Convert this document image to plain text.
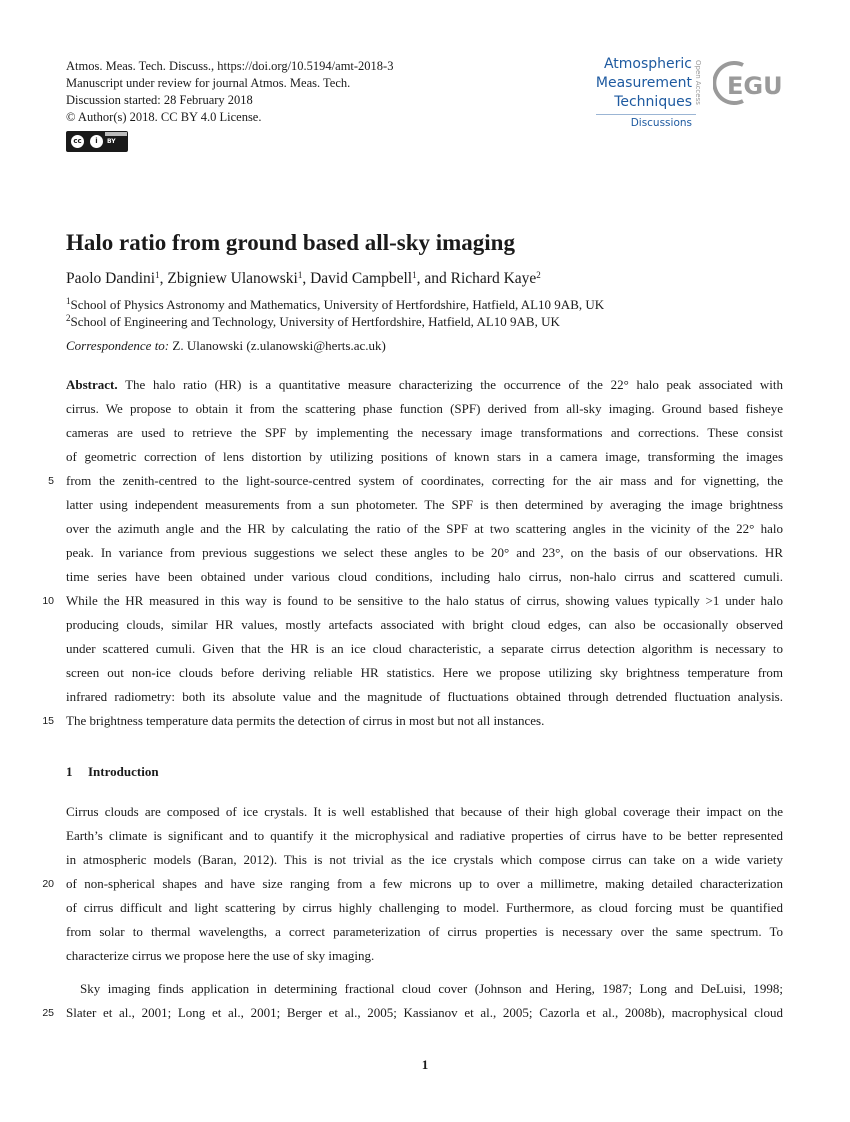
Atmos. Meas. Tech. Discuss., https://doi.org/10.5194/amt-2018-3
Manuscript under review for journal Atmos. Meas. Tech.
Discussion started: 28 February 2018
© Author(s) 2018. CC BY 4.0 License.
cc	i	BY
Atmospheric
Measurement
Techniques
Discussions
Open Access EGU
Halo ratio from ground based all-sky imaging
Paolo Dandini$^1$, Zbigniew Ulanowski$^1$, David Campbell$^1$, and Richard Kaye$^2$
$^1$School of Physics Astronomy and Mathematics, University of Hertfordshire, Hatfield, AL10 9AB, UK
$^2$School of Engineering and Technology, University of Hertfordshire, Hatfield, AL10 9AB, UK
Correspondence to: Z. Ulanowski (z.ulanowski@herts.ac.uk)
Abstract. The halo ratio (HR) is a quantitative measure characterizing the occurrence of the 22° halo peak associated with
cirrus. We propose to obtain it from the scattering phase function (SPF) derived from all-sky imaging. Ground based fisheye
cameras are used to retrieve the SPF by implementing the necessary image transformations and corrections. These consist
of geometric correction of lens distortion by utilizing positions of known stars in a camera image, transforming the images
from the zenith-centred to the light-source-centred system of coordinates, correcting for the air mass and for vignetting, the
latter using independent measurements from a sun photometer. The SPF is then determined by averaging the image brightness
over the azimuth angle and the HR by calculating the ratio of the SPF at two scattering angles in the vicinity of the 22° halo
peak. In variance from previous suggestions we select these angles to be 20° and 23°, on the basis of our observations. HR
time series have been obtained under various cloud conditions, including halo cirrus, non-halo cirrus and scattered cumuli.
While the HR measured in this way is found to be sensitive to the halo status of cirrus, showing values typically >1 under halo
producing clouds, similar HR values, mostly artefacts associated with bright cloud edges, can also be occasionally observed
under scattered cumuli. Given that the HR is an ice cloud characteristic, a separate cirrus detection algorithm is necessary to
screen out non-ice clouds before deriving reliable HR statistics. Here we propose utilizing sky brightness temperature from
infrared radiometry: both its absolute value and the magnitude of fluctuations obtained through detrended fluctuation analysis.
The brightness temperature data permits the detection of cirrus in most but not all instances.
1 Introduction
Cirrus clouds are composed of ice crystals. It is well established that because of their high global coverage their impact on the
Earth’s climate is significant and to quantify it the microphysical and radiative properties of cirrus have to be better represented
in atmospheric models (Baran, 2012). This is not trivial as the ice crystals which compose cirrus can take on a wide variety
of non-spherical shapes and have size ranging from a few microns up to over a millimetre, making detailed characterization
of cirrus difficult and light scattering by cirrus highly challenging to model. Furthermore, as cloud forcing must be quantified
from solar to thermal wavelengths, a correct parameterization of cirrus properties is necessary over the same spectrum. To
characterize cirrus we propose here the use of sky imaging.
Sky imaging finds application in determining fractional cloud cover (Johnson and Hering, 1987; Long and DeLuisi, 1998;
Slater et al., 2001; Long et al., 2001; Berger et al., 2005; Kassianov et al., 2005; Cazorla et al., 2008b), macrophysical cloud
5
10
15
20
25
1
